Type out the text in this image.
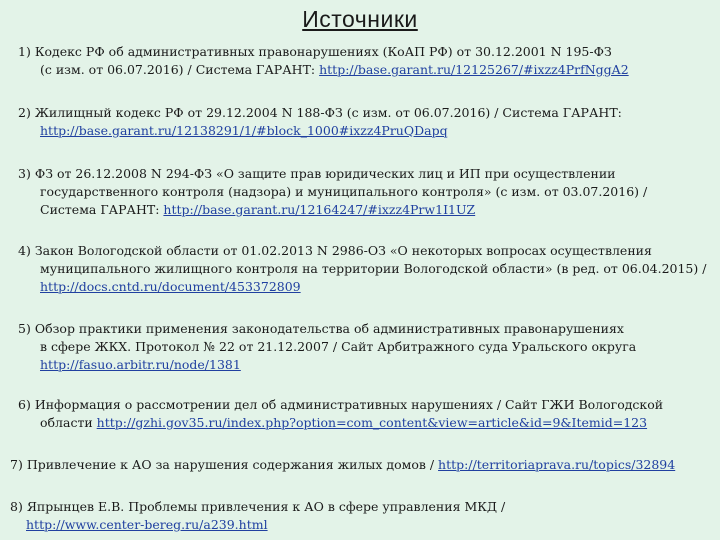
Источники
1) Кодекс РФ об административных правонарушениях (КоАП РФ) от 30.12.2001 N 195-ФЗ
(с изм. от 06.07.2016) / Система ГАРАНТ: http://base.garant.ru/12125267/#ixzz4PrfNggA2
2) Жилищный кодекс РФ от 29.12.2004 N 188-ФЗ (с изм. от 06.07.2016) / Система ГАРАНТ:
http://base.garant.ru/12138291/1/#block_1000#ixzz4PruQDapq
3) ФЗ от 26.12.2008 N 294-ФЗ «О защите прав юридических лиц и ИП при осуществлении
государственного контроля (надзора) и муниципального контроля» (с изм. от 03.07.2016) /
Система ГАРАНТ: http://base.garant.ru/12164247/#ixzz4Prw1I1UZ
4) Закон Вологодской области от 01.02.2013 N 2986-ОЗ «О некоторых вопросах осуществления
муниципального жилищного контроля на территории Вологодской области» (в ред. от 06.04.2015) /
http://docs.cntd.ru/document/453372809
5) Обзор практики применения законодательства об административных правонарушениях
в сфере ЖКХ. Протокол № 22 от 21.12.2007 / Сайт Арбитражного суда Уральского округа
http://fasuo.arbitr.ru/node/1381
6) Информация о рассмотрении дел об административных нарушениях / Сайт ГЖИ Вологодской
области http://gzhi.gov35.ru/index.php?option=com_content&view=article&id=9&Itemid=123
7) Привлечение к АО за нарушения содержания жилых домов / http://territoriaprava.ru/topics/32894
8) Япрынцев Е.В. Проблемы привлечения к АО в сфере управления МКД /
http://www.center-bereg.ru/a239.html
